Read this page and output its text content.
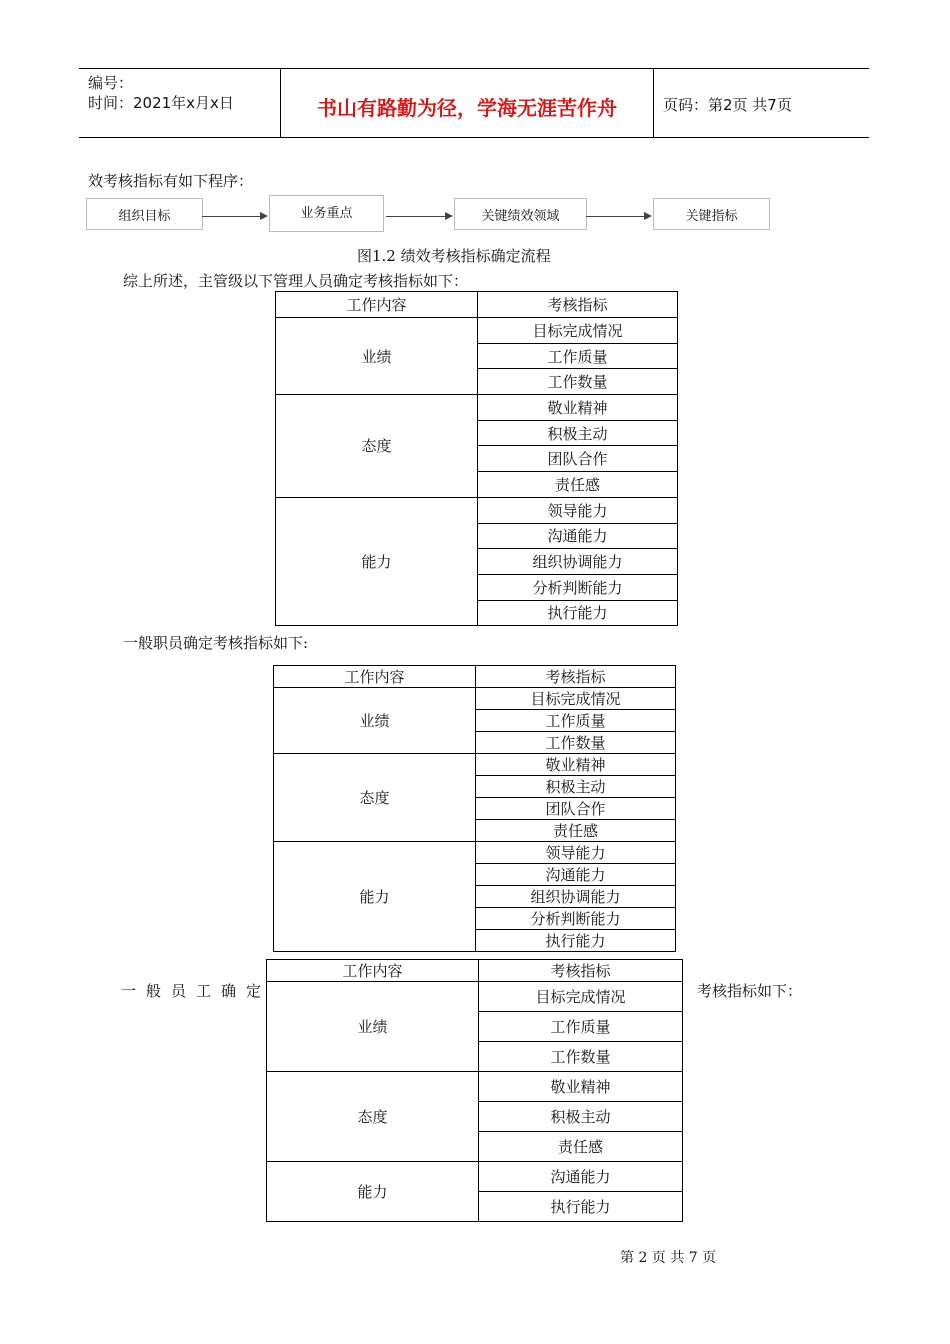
编号：
时间：2021年x月x日	书山有路勤为径，学海无涯苦作舟	页码：第2页 共7页
效考核指标有如下程序：
组织目标	业务重点	关键绩效领域	关键指标
图1.2 绩效考核指标确定流程
综上所述，主管级以下管理人员确定考核指标如下：
工作内容	考核指标
业绩	目标完成情况
	工作质量
	工作数量
态度	敬业精神
	积极主动
	团队合作
	责任感
能力	领导能力
	沟通能力
	组织协调能力
	分析判断能力
	执行能力
一般职员确定考核指标如下:
工作内容	考核指标
业绩	目标完成情况
	工作质量
	工作数量
态度	敬业精神
	积极主动
	团队合作
	责任感
能力	领导能力
	沟通能力
	组织协调能力
	分析判断能力
	执行能力
一般员工确定	考核指标如下：
工作内容	考核指标
业绩	目标完成情况
	工作质量
	工作数量
态度	敬业精神
	积极主动
	责任感
能力	沟通能力
	执行能力
第 2 页 共 7 页
